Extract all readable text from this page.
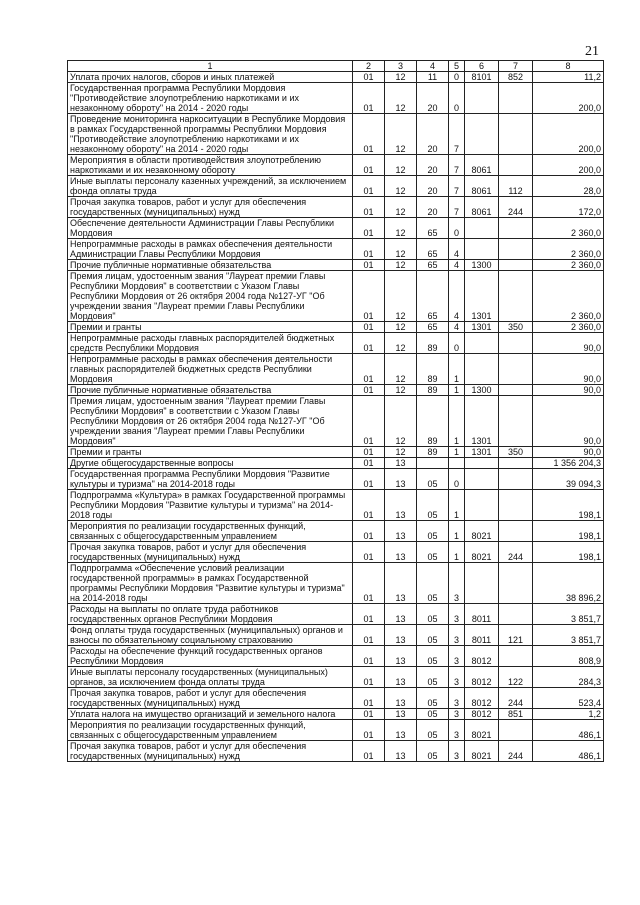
21
1	2	3	4	5	6	7	8
Уплата прочих налогов, сборов и иных платежей	01	12	11	0	8101	852	11,2
Государственная программа Республики Мордовия "Противодействие злоупотреблению наркотиками и их незаконному обороту" на 2014 - 2020 годы	01	12	20	0			200,0
Проведение мониторинга наркоситуации в Республике Мордовия в рамках Государственной программы Республики Мордовия "Противодействие злоупотреблению наркотиками и их незаконному обороту" на 2014 - 2020 годы	01	12	20	7			200,0
Мероприятия в области противодействия злоупотреблению наркотиками и их незаконному обороту	01	12	20	7	8061		200,0
Иные выплаты персоналу казенных учреждений, за исключением фонда оплаты труда	01	12	20	7	8061	112	28,0
Прочая закупка товаров, работ и услуг для обеспечения государственных (муниципальных) нужд	01	12	20	7	8061	244	172,0
Обеспечение деятельности Администрации Главы Республики Мордовия	01	12	65	0			2 360,0
Непрограммные расходы в рамках обеспечения деятельности Администрации Главы Республики Мордовия	01	12	65	4			2 360,0
Прочие публичные нормативные обязательства	01	12	65	4	1300		2 360,0
Премия лицам, удостоенным звания "Лауреат премии Главы Республики Мордовия" в соответствии с Указом Главы Республики Мордовия от 26 октября 2004 года №127-УГ "Об учреждении звания "Лауреат премии Главы Республики Мордовия"	01	12	65	4	1301		2 360,0
Премии и гранты	01	12	65	4	1301	350	2 360,0
Непрограммные расходы главных распорядителей бюджетных средств Республики Мордовия	01	12	89	0			90,0
Непрограммные расходы в рамках обеспечения деятельности главных распорядителей бюджетных средств Республики Мордовия	01	12	89	1			90,0
Прочие публичные нормативные обязательства	01	12	89	1	1300		90,0
Премия лицам, удостоенным звания "Лауреат премии Главы Республики Мордовия" в соответствии с Указом Главы Республики Мордовия от 26 октября 2004 года №127-УГ "Об учреждении звания "Лауреат премии Главы Республики Мордовия"	01	12	89	1	1301		90,0
Премии и гранты	01	12	89	1	1301	350	90,0
Другие общегосударственные вопросы	01	13					1 356 204,3
Государственная программа Республики Мордовия "Развитие культуры и туризма" на 2014-2018 годы	01	13	05	0			39 094,3
Подпрограмма «Культура» в рамках Государственной программы Республики Мордовия "Развитие культуры и туризма" на 2014-2018 годы	01	13	05	1			198,1
Мероприятия по реализации государственных функций, связанных с общегосударственным управлением	01	13	05	1	8021		198,1
Прочая закупка товаров, работ и услуг для обеспечения государственных (муниципальных) нужд	01	13	05	1	8021	244	198,1
Подпрограмма «Обеспечение условий реализации государственной программы» в рамках Государственной программы Республики Мордовия "Развитие культуры и туризма" на 2014-2018 годы	01	13	05	3			38 896,2
Расходы на выплаты по оплате труда работников государственных органов Республики Мордовия	01	13	05	3	8011		3 851,7
Фонд оплаты труда государственных (муниципальных) органов и взносы по обязательному социальному страхованию	01	13	05	3	8011	121	3 851,7
Расходы на обеспечение функций государственных органов Республики Мордовия	01	13	05	3	8012		808,9
Иные выплаты персоналу государственных (муниципальных) органов, за исключением фонда оплаты труда	01	13	05	3	8012	122	284,3
Прочая закупка товаров, работ и услуг для обеспечения государственных (муниципальных) нужд	01	13	05	3	8012	244	523,4
Уплата налога на имущество организаций и земельного налога	01	13	05	3	8012	851	1,2
Мероприятия по реализации государственных функций, связанных с общегосударственным управлением	01	13	05	3	8021		486,1
Прочая закупка товаров, работ и услуг для обеспечения государственных (муниципальных) нужд	01	13	05	3	8021	244	486,1
